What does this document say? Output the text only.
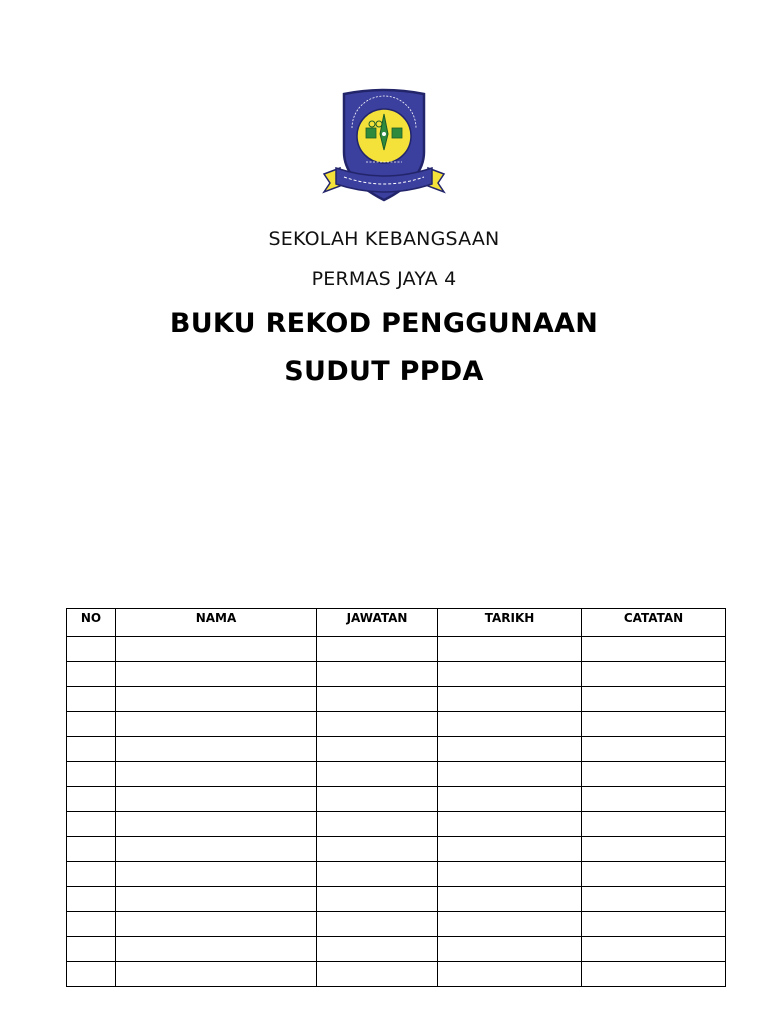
SEKOLAH KEBANGSAAN
PERMAS JAYA 4
BUKU REKOD PENGGUNAAN
SUDUT PPDA
NO	NAMA	JAWATAN	TARIKH	CATATAN
